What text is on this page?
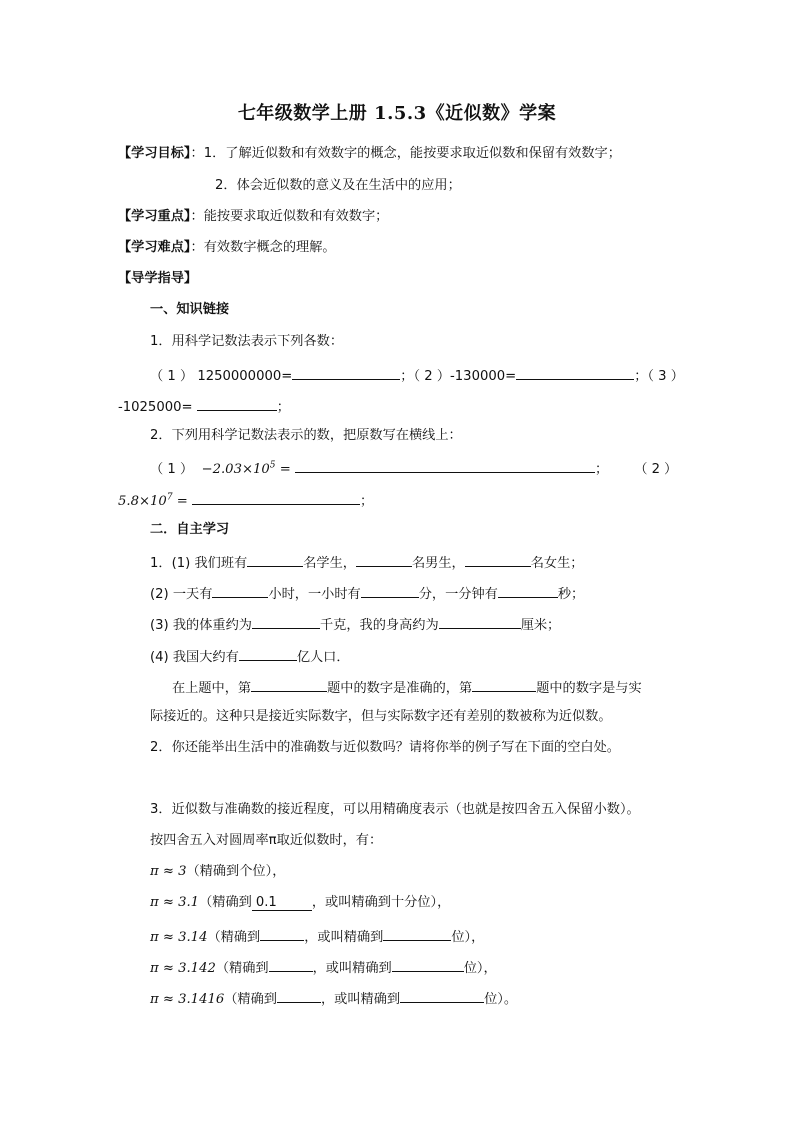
七年级数学上册 1.5.3《近似数》学案
【学习目标】：1．了解近似数和有效数字的概念，能按要求取近似数和保留有效数字；
2．体会近似数的意义及在生活中的应用；
【学习重点】：能按要求取近似数和有效数字；
【学习难点】：有效数字概念的理解。
【导学指导】
一、知识链接
1．用科学记数法表示下列各数：
（ 1 ） 1250000000=	；（ 2 ）-130000=	；（ 3 ）
-1025000=	；
2．下列用科学记数法表示的数，把原数写在横线上：
（ 1 ） $-2.03\times 10^5$ =	； （ 2 ）
$5.8\times 10^7$ =	；
二．自主学习
1．(1) 我们班有	名学生，	名男生，	名女生；
(2) 一天有	小时，一小时有	分，一分钟有	秒；
(3) 我的体重约为	千克，我的身高约为	厘米；
(4) 我国大约有	亿人口．
在上题中，第	题中的数字是准确的，第	题中的数字是与实
际接近的。这种只是接近实际数字，但与实际数字还有差别的数被称为近似数。
2．你还能举出生活中的准确数与近似数吗？请将你举的例子写在下面的空白处。
3．近似数与准确数的接近程度，可以用精确度表示（也就是按四舍五入保留小数）。
按四舍五入对圆周率π取近似数时，有：
π ≈ 3（精确到个位），
π ≈ 3.1（精确到 0.1	，或叫精确到十分位），
π ≈ 3.14（精确到	，或叫精确到	位），
π ≈ 3.142（精确到	，或叫精确到	位），
π ≈ 3.1416（精确到	，或叫精确到	位）。
